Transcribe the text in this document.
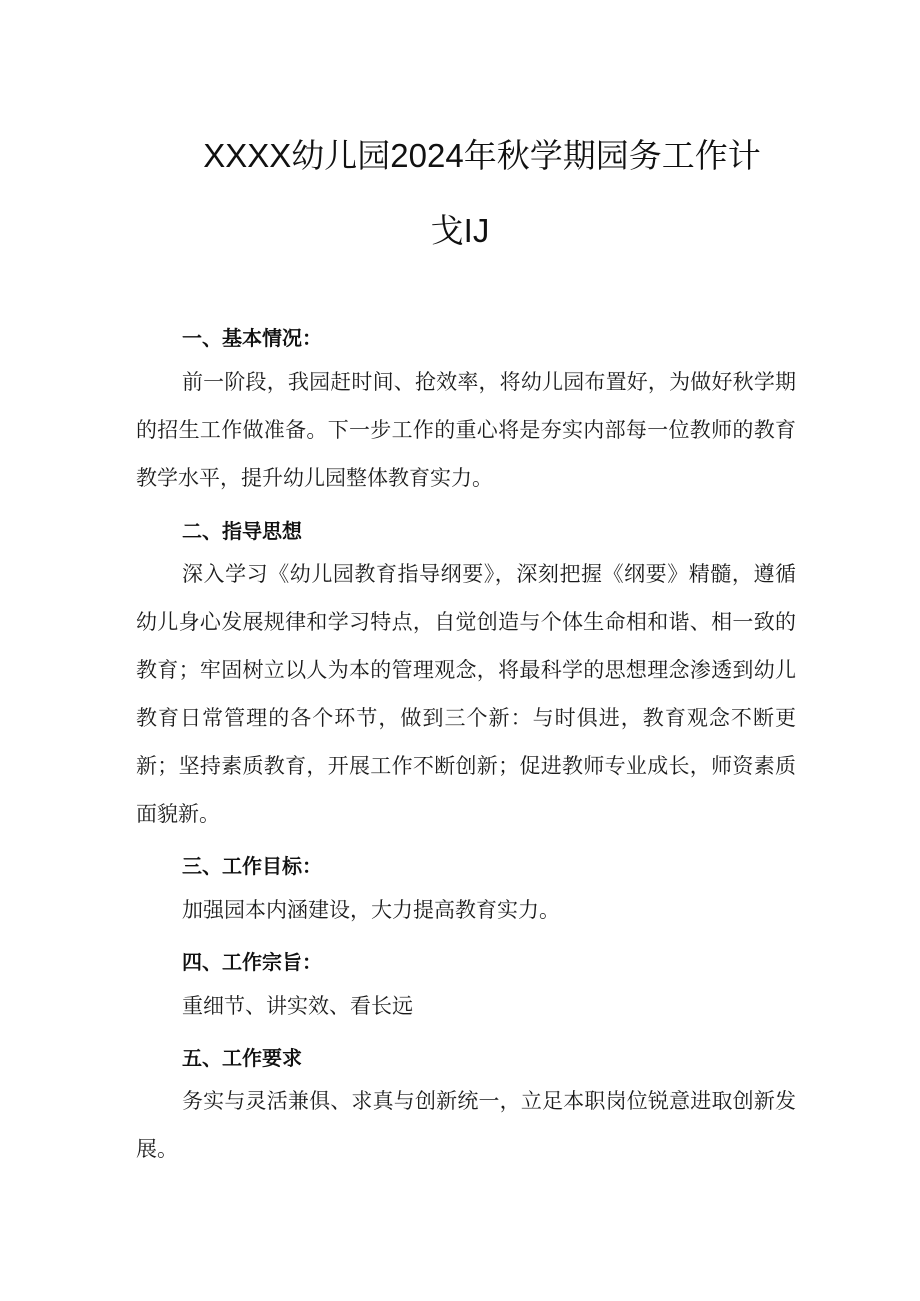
XXXX幼儿园2024年秋学期园务工作计
戈IJ
一、基本情况：

前一阶段，我园赶时间、抢效率，将幼儿园布置好，为做好秋学期的招生工作做准备。下一步工作的重心将是夯实内部每一位教师的教育教学水平，提升幼儿园整体教育实力。

二、指导思想

深入学习《幼儿园教育指导纲要》，深刻把握《纲要》精髓，遵循幼儿身心发展规律和学习特点，自觉创造与个体生命相和谐、相一致的教育；牢固树立以人为本的管理观念，将最科学的思想理念渗透到幼儿教育日常管理的各个环节，做到三个新：与时俱进，教育观念不断更新；坚持素质教育，开展工作不断创新；促进教师专业成长，师资素质面貌新。

三、工作目标：

加强园本内涵建设，大力提高教育实力。

四、工作宗旨：

重细节、讲实效、看长远

五、工作要求

务实与灵活兼俱、求真与创新统一，立足本职岗位锐意进取创新发展。
